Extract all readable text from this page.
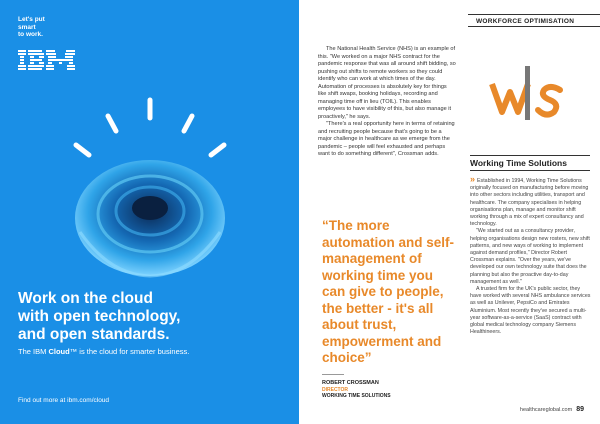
Let's put
smart
to work.
Work on the cloud
with open technology,
and open standards.
The IBM Cloud™ is the cloud for smarter business.
Find out more at ibm.com/cloud
WORKFORCE OPTIMISATION

The National Health Service (NHS) is an example of this. "We worked on a major NHS contract for the pandemic response that was all around shift bidding, so pushing out shifts to remote workers so they could identify who can work at which times of the day. Automation of processes is absolutely key for things like shift swaps, booking holidays, recording and managing time off in lieu (TOIL). This enables employees to have visibility of this, but also manage it proactively," he says.

"There's a real opportunity here in terms of retaining and recruiting people because that's going to be a major challenge in healthcare as we emerge from the pandemic – people will feel exhausted and perhaps want to do something different", Crossman adds.

“The more automation and self-management of working time you can give to people, the better - it's all about trust, empowerment and choice”
ROBERT CROSSMAN
DIRECTOR
WORKING TIME SOLUTIONS
Working Time Solutions

» Established in 1994, Working Time Solutions originally focused on manufacturing before moving into other sectors including utilities, transport and healthcare. The company specialises in helping organisations plan, manage and monitor shift working through a mix of expert consultancy and technology.

"We started out as a consultancy provider, helping organisations design new rosters, new shift patterns, and new ways of working to implement against demand profiles," Director Robert Crossman explains. "Over the years, we've developed our own technology suite that does the planning but also the proactive day-to-day management as well."

A trusted firm for the UK's public sector, they have worked with several NHS ambulance services as well as Unilever, PepsiCo and Emirates Aluminium. Most recently they've secured a multi-year software-as-a-service (SaaS) contract with global medical technology company Siemens Healthineers.

healthcareglobal.com 89
